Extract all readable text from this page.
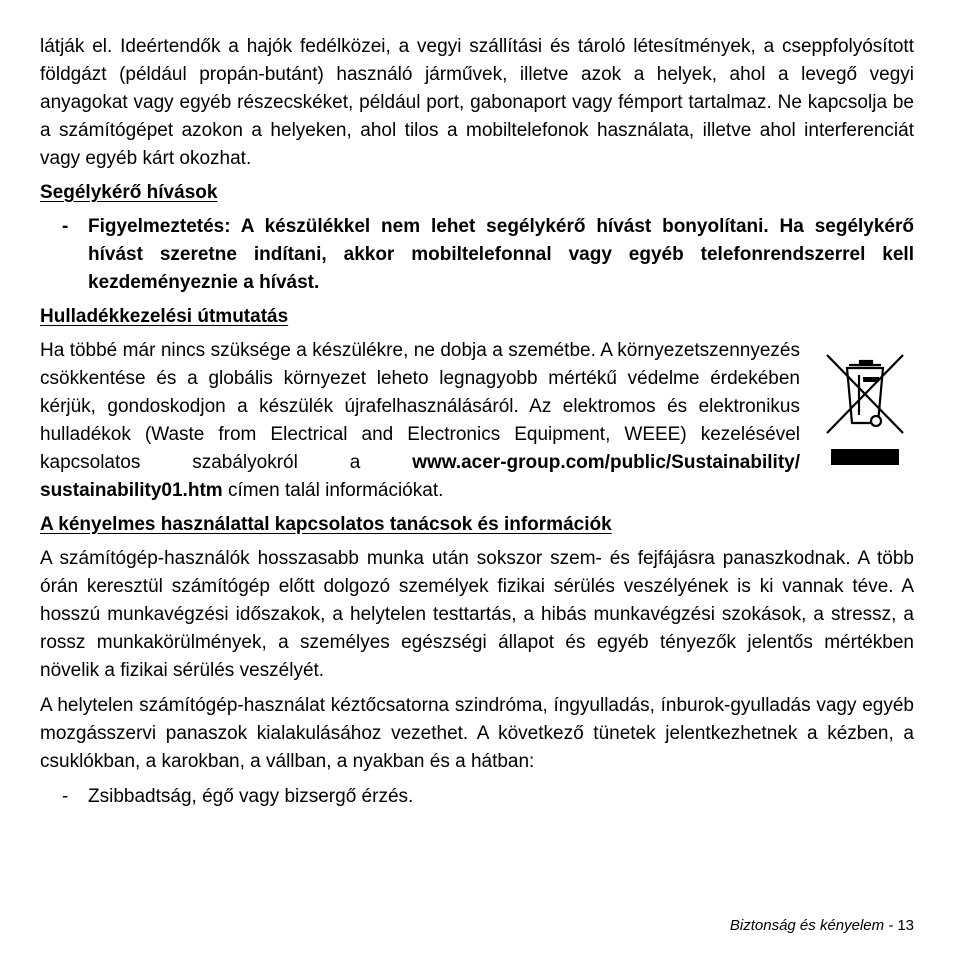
látják el. Ideértendők a hajók fedélközei, a vegyi szállítási és tároló létesítmények, a cseppfolyósított földgázt (például propán-butánt) használó járművek, illetve azok a helyek, ahol a levegő vegyi anyagokat vagy egyéb részecskéket, például port, gabonaport vagy fémport tartalmaz. Ne kapcsolja be a számítógépet azokon a helyeken, ahol tilos a mobiltelefonok használata, illetve ahol interferenciát vagy egyéb kárt okozhat.

Segélykérő hívások
-	Figyelmeztetés: A készülékkel nem lehet segélykérő hívást bonyolítani. Ha segélykérő hívást szeretne indítani, akkor mobiltelefonnal vagy egyéb telefonrendszerrel kell kezdeményeznie a hívást.
Hulladékkezelési útmutatás

Ha többé már nincs szüksége a készülékre, ne dobja a szemétbe. A környezetszennyezés csökkentése és a globális környezet leheto legnagyobb mértékű védelme érdekében kérjük, gondoskodjon a készülék újrafelhasználásáról. Az elektromos és elektronikus hulladékok (Waste from Electrical and Electronics Equipment, WEEE) kezelésével kapcsolatos szabályokról a	www.acer-group.com/public/Sustainability/

sustainability01.htm címen talál információkat.

A kényelmes használattal kapcsolatos tanácsok és információk

A számítógép-használók hosszasabb munka után sokszor szem- és fejfájásra panaszkodnak. A több órán keresztül számítógép előtt dolgozó személyek fizikai sérülés veszélyének is ki vannak téve. A hosszú munkavégzési időszakok, a helytelen testtartás, a hibás munkavégzési szokások, a stressz, a rossz munkakörülmények, a személyes egészségi állapot és egyéb tényezők jelentős mértékben növelik a fizikai sérülés veszélyét.

A helytelen számítógép-használat kéztőcsatorna szindróma, íngyulladás, ínburok-gyulladás vagy egyéb mozgásszervi panaszok kialakulásához vezethet. A következő tünetek jelentkezhetnek a kézben, a csuklókban, a karokban, a vállban, a nyakban és a hátban:

-	Zsibbadtság, égő vagy bizsergő érzés.
Biztonság és kényelem - 13
